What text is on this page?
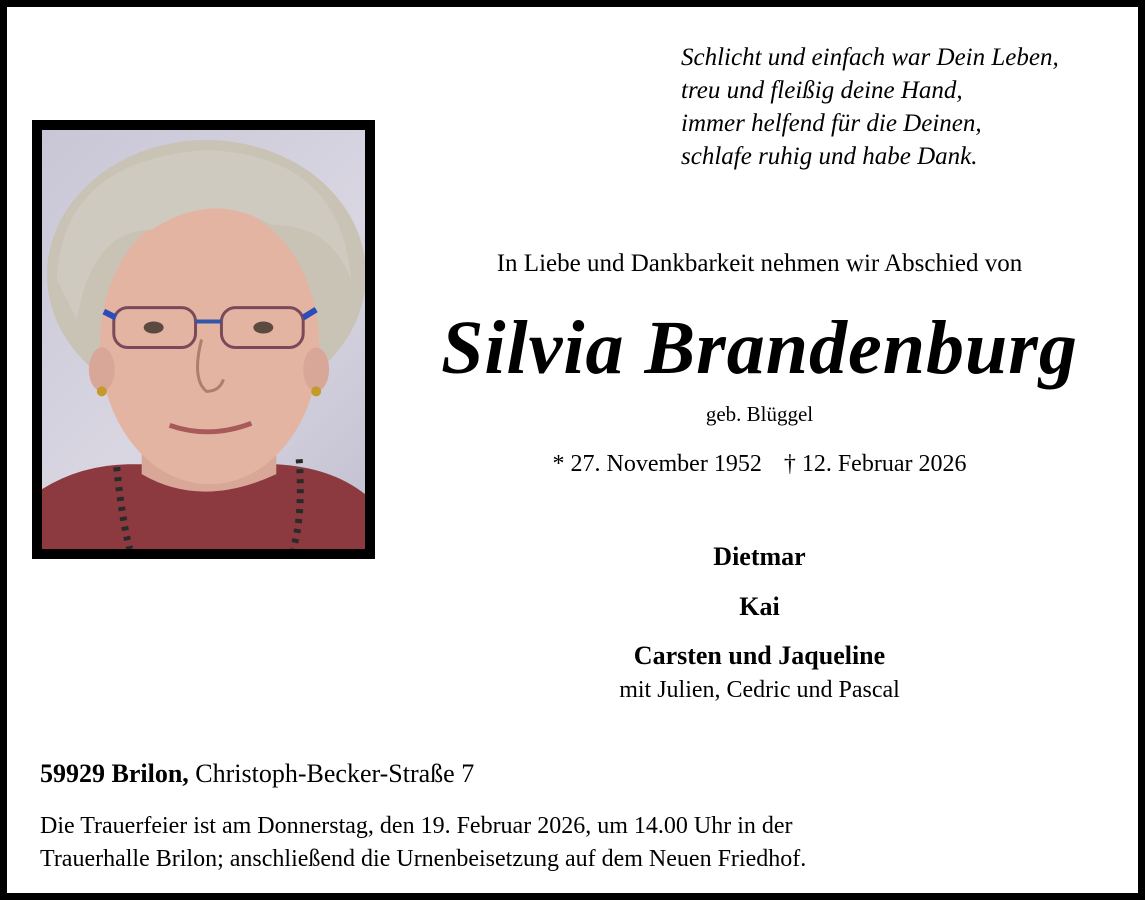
Schlicht und einfach war Dein Leben,
treu und fleißig deine Hand,
immer helfend für die Deinen,
schlafe ruhig und habe Dank.
In Liebe und Dankbarkeit nehmen wir Abschied von
Silvia Brandenburg
geb. Blüggel
* 27. November 1952 † 12. Februar 2026
Dietmar
Kai
Carsten und Jaqueline
mit Julien, Cedric und Pascal
59929 Brilon, Christoph-Becker-Straße 7
Die Trauerfeier ist am Donnerstag, den 19. Februar 2026, um 14.00 Uhr in der
Trauerhalle Brilon; anschließend die Urnenbeisetzung auf dem Neuen Friedhof.
